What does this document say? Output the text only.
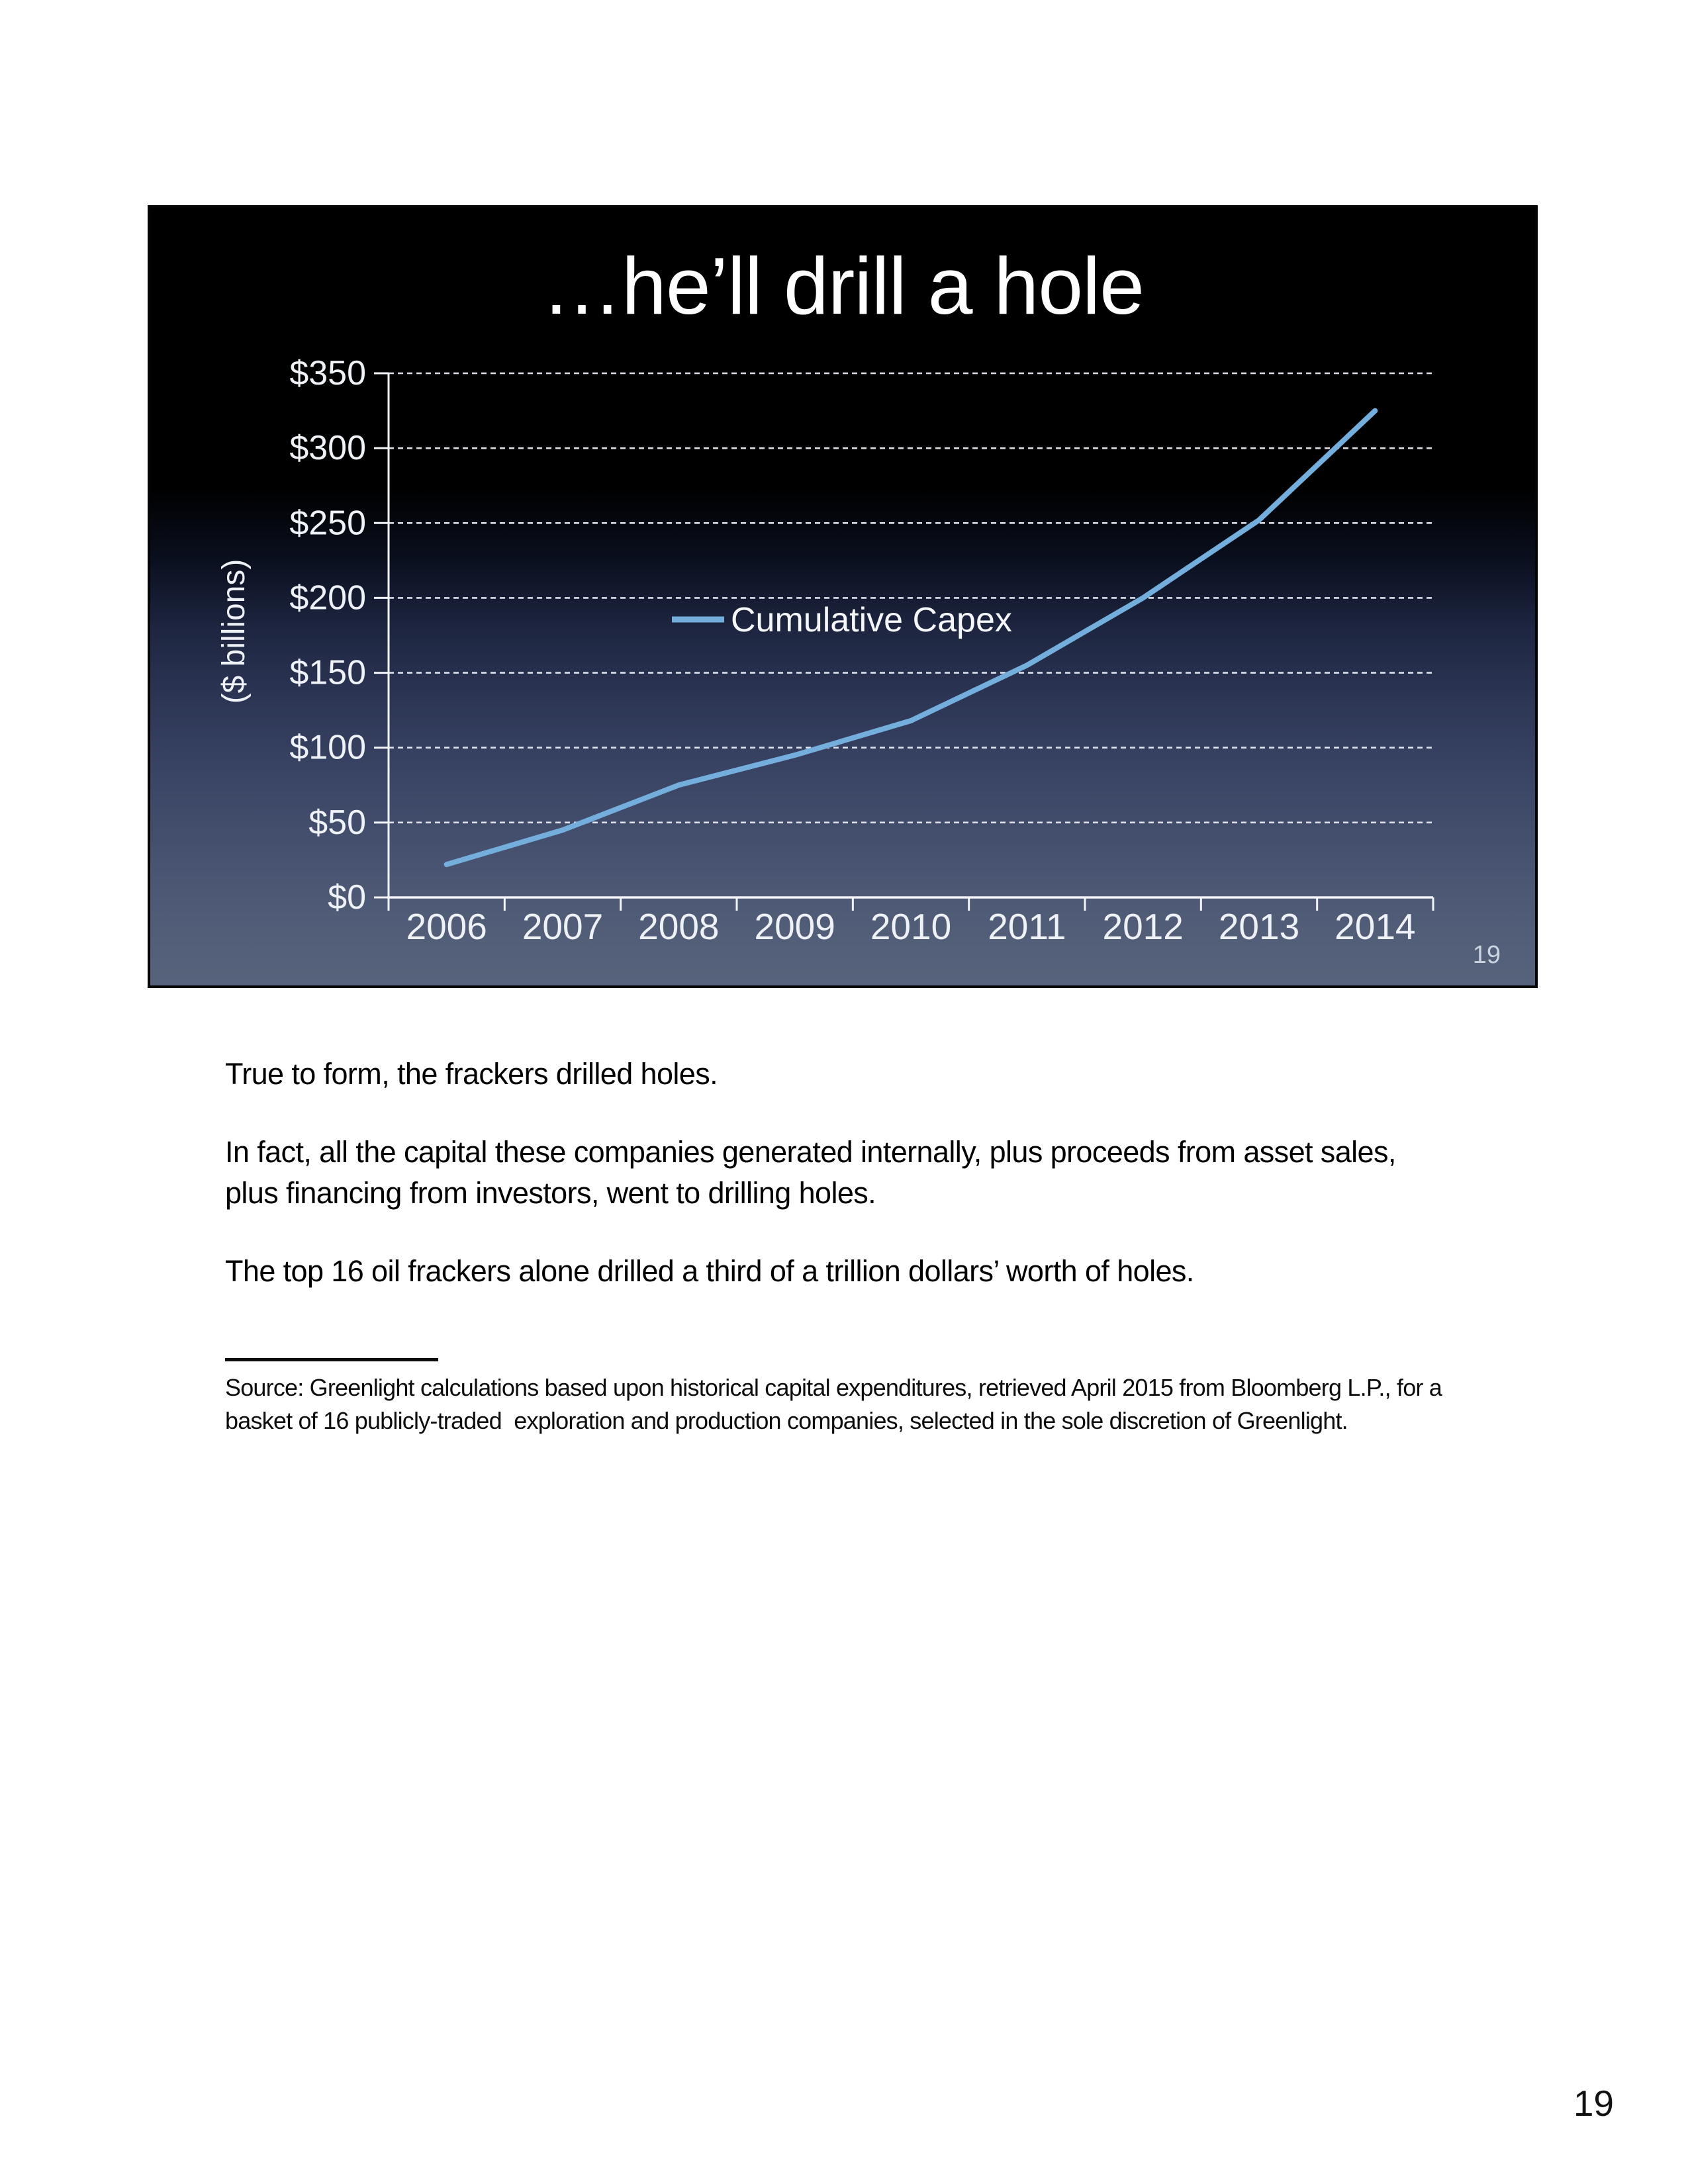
$0
$50
$100
$150
$200
$250
$300
$350
2006 2007 2008 2009 2010 2011 2012 2013 2014
($ billions)	Cumulative Capex
…he’ll drill a hole
19
True to form, the frackers drilled holes.
In fact, all the capital these companies generated internally, plus proceeds from asset sales,
plus financing from investors, went to drilling holes.
The top 16 oil frackers alone drilled a third of a trillion dollars’ worth of holes.
Source: Greenlight calculations based upon historical capital expenditures, retrieved April 2015 from Bloomberg L.P., for a
basket of 16 publicly-traded  exploration and production companies, selected in the sole discretion of Greenlight.
19
